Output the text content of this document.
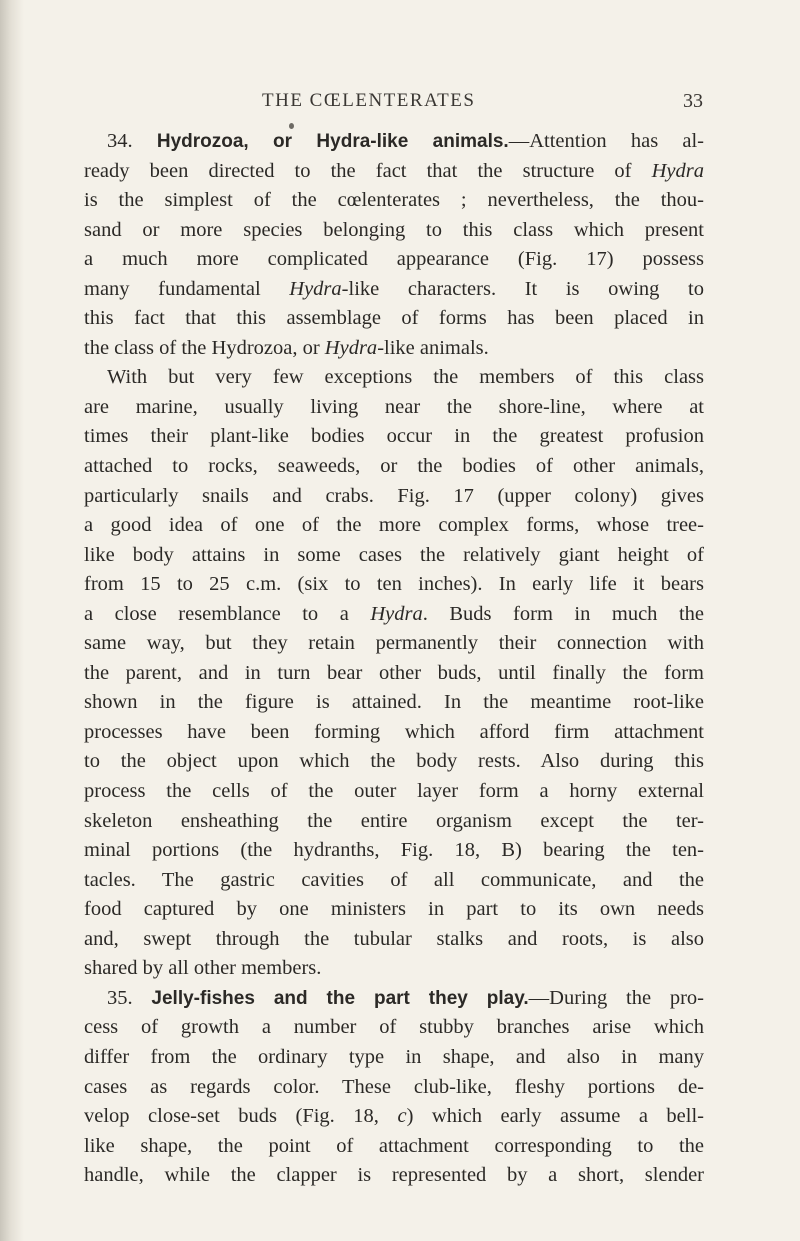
THE CŒLENTERATES	33
34. Hydrozoa, or Hydra-like animals.—Attention has al-
ready been directed to the fact that the structure of Hydra
is the simplest of the cœlenterates ; nevertheless, the thou-
sand or more species belonging to this class which present
a much more complicated appearance (Fig. 17) possess
many fundamental Hydra-like characters. It is owing to
this fact that this assemblage of forms has been placed in
the class of the Hydrozoa, or Hydra-like animals.
With but very few exceptions the members of this class
are marine, usually living near the shore-line, where at
times their plant-like bodies occur in the greatest profusion
attached to rocks, seaweeds, or the bodies of other animals,
particularly snails and crabs. Fig. 17 (upper colony) gives
a good idea of one of the more complex forms, whose tree-
like body attains in some cases the relatively giant height of
from 15 to 25 c.m. (six to ten inches). In early life it bears
a close resemblance to a Hydra. Buds form in much the
same way, but they retain permanently their connection with
the parent, and in turn bear other buds, until finally the form
shown in the figure is attained. In the meantime root-like
processes have been forming which afford firm attachment
to the object upon which the body rests. Also during this
process the cells of the outer layer form a horny external
skeleton ensheathing the entire organism except the ter-
minal portions (the hydranths, Fig. 18, B) bearing the ten-
tacles. The gastric cavities of all communicate, and the
food captured by one ministers in part to its own needs
and, swept through the tubular stalks and roots, is also
shared by all other members.
35. Jelly-fishes and the part they play.—During the pro-
cess of growth a number of stubby branches arise which
differ from the ordinary type in shape, and also in many
cases as regards color. These club-like, fleshy portions de-
velop close-set buds (Fig. 18, c) which early assume a bell-
like shape, the point of attachment corresponding to the
handle, while the clapper is represented by a short, slender
